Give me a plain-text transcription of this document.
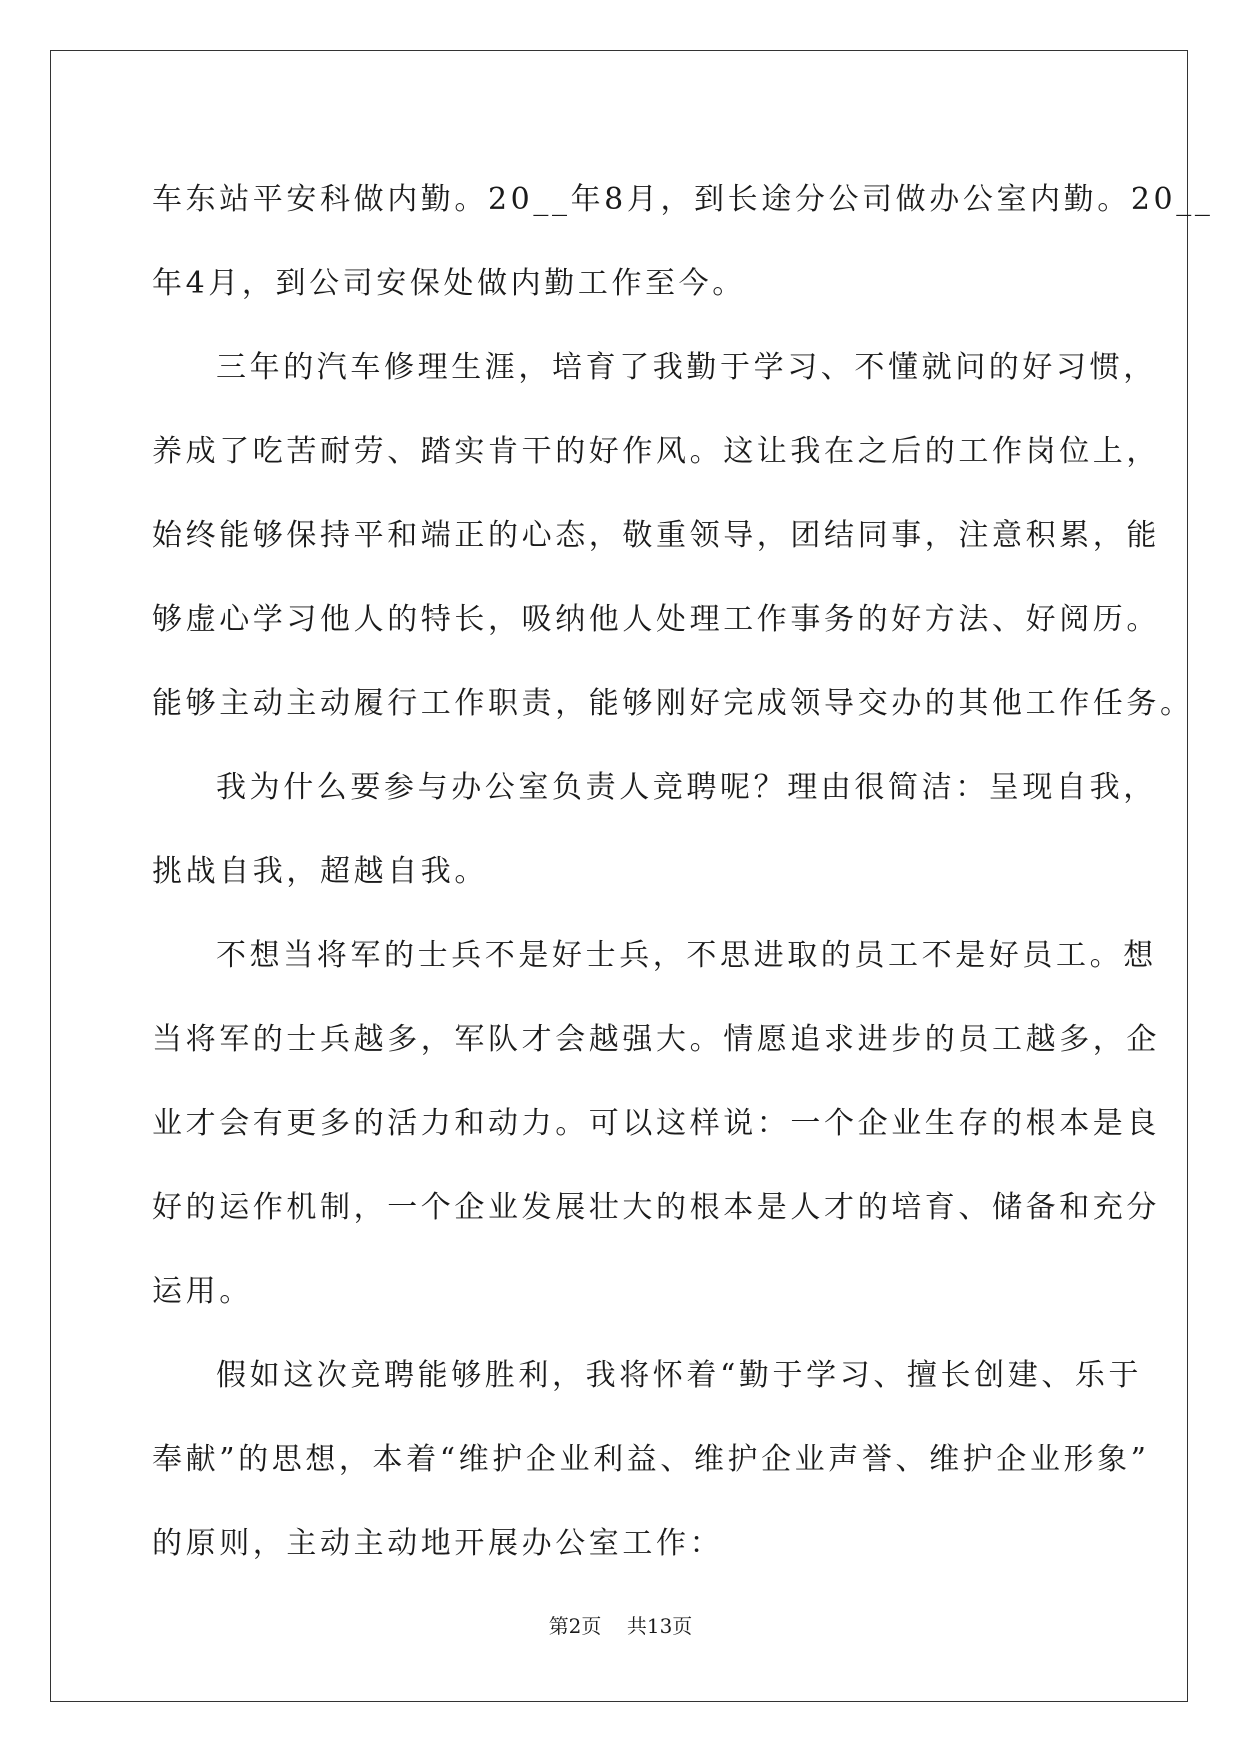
车东站平安科做内勤。20__年8月，到长途分公司做办公室内勤。20__
年4月，到公司安保处做内勤工作至今。
三年的汽车修理生涯，培育了我勤于学习、不懂就问的好习惯，
养成了吃苦耐劳、踏实肯干的好作风。这让我在之后的工作岗位上，
始终能够保持平和端正的心态，敬重领导，团结同事，注意积累，能
够虚心学习他人的特长，吸纳他人处理工作事务的好方法、好阅历。
能够主动主动履行工作职责，能够刚好完成领导交办的其他工作任务。
我为什么要参与办公室负责人竞聘呢？理由很简洁：呈现自我，
挑战自我，超越自我。
不想当将军的士兵不是好士兵，不思进取的员工不是好员工。想
当将军的士兵越多，军队才会越强大。情愿追求进步的员工越多，企
业才会有更多的活力和动力。可以这样说：一个企业生存的根本是良
好的运作机制，一个企业发展壮大的根本是人才的培育、储备和充分
运用。
假如这次竞聘能够胜利，我将怀着“勤于学习、擅长创建、乐于
奉献”的思想，本着“维护企业利益、维护企业声誉、维护企业形象”
的原则，主动主动地开展办公室工作：
第2页 共13页
